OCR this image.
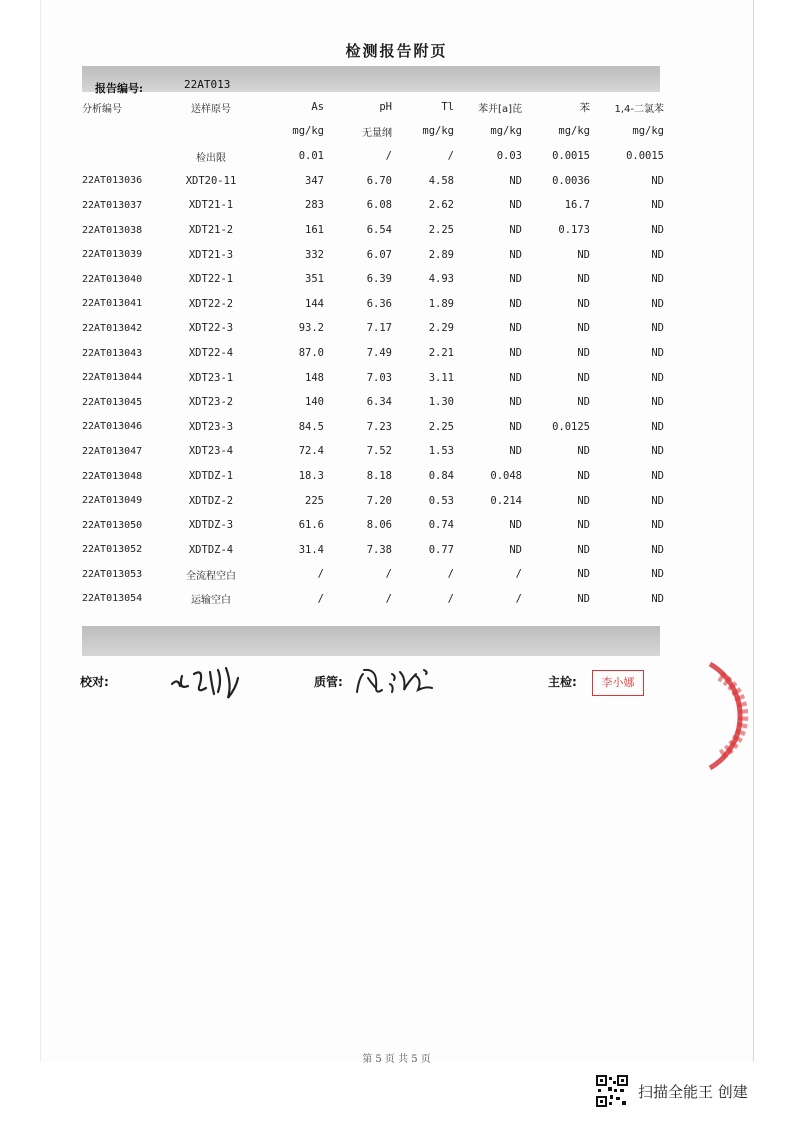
检测报告附页
报告编号:	22AT013
分析编号	送样原号	As	pH	Tl	苯并[a]芘	苯	1,4-二氯苯
		mg/kg	无量纲	mg/kg	mg/kg	mg/kg	mg/kg
	检出限	0.01	/	/	0.03	0.0015	0.0015
22AT013036	XDT20-11	347	6.70	4.58	ND	0.0036	ND
22AT013037	XDT21-1	283	6.08	2.62	ND	16.7	ND
22AT013038	XDT21-2	161	6.54	2.25	ND	0.173	ND
22AT013039	XDT21-3	332	6.07	2.89	ND	ND	ND
22AT013040	XDT22-1	351	6.39	4.93	ND	ND	ND
22AT013041	XDT22-2	144	6.36	1.89	ND	ND	ND
22AT013042	XDT22-3	93.2	7.17	2.29	ND	ND	ND
22AT013043	XDT22-4	87.0	7.49	2.21	ND	ND	ND
22AT013044	XDT23-1	148	7.03	3.11	ND	ND	ND
22AT013045	XDT23-2	140	6.34	1.30	ND	ND	ND
22AT013046	XDT23-3	84.5	7.23	2.25	ND	0.0125	ND
22AT013047	XDT23-4	72.4	7.52	1.53	ND	ND	ND
22AT013048	XDTDZ-1	18.3	8.18	0.84	0.048	ND	ND
22AT013049	XDTDZ-2	225	7.20	0.53	0.214	ND	ND
22AT013050	XDTDZ-3	61.6	8.06	0.74	ND	ND	ND
22AT013052	XDTDZ-4	31.4	7.38	0.77	ND	ND	ND
22AT013053	全流程空白	/	/	/	/	ND	ND
22AT013054	运输空白	/	/	/	/	ND	ND
校对:	质管:	主检:	李小娜
第 5 页 共 5 页
扫描全能王 创建
